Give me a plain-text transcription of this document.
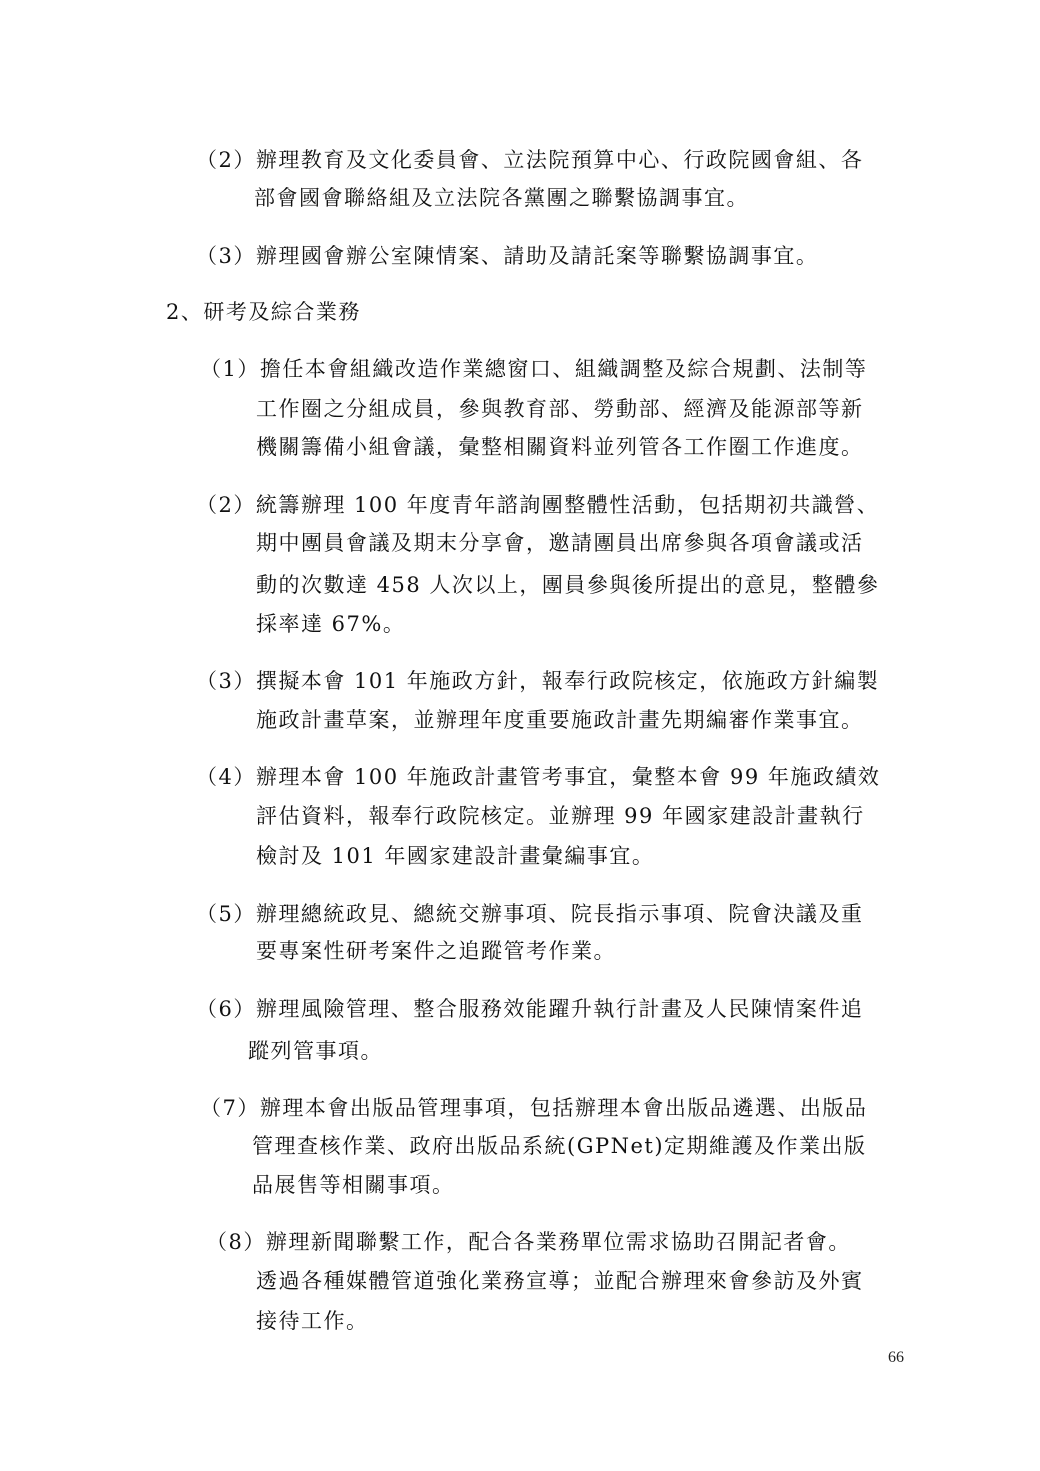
（2）辦理教育及文化委員會、立法院預算中心、行政院國會組、各
部會國會聯絡組及立法院各黨團之聯繫協調事宜。
（3）辦理國會辦公室陳情案、請助及請託案等聯繫協調事宜。
2、研考及綜合業務
（1）擔任本會組織改造作業總窗口、組織調整及綜合規劃、法制等
工作圈之分組成員，參與教育部、勞動部、經濟及能源部等新
機關籌備小組會議，彙整相關資料並列管各工作圈工作進度。
（2）統籌辦理 100 年度青年諮詢團整體性活動，包括期初共識營、
期中團員會議及期末分享會，邀請團員出席參與各項會議或活
動的次數達 458 人次以上，團員參與後所提出的意見，整體參
採率達 67%。
（3）撰擬本會 101 年施政方針，報奉行政院核定，依施政方針編製
施政計畫草案，並辦理年度重要施政計畫先期編審作業事宜。
（4）辦理本會 100 年施政計畫管考事宜，彙整本會 99 年施政績效
評估資料，報奉行政院核定。並辦理 99 年國家建設計畫執行
檢討及 101 年國家建設計畫彙編事宜。
（5）辦理總統政見、總統交辦事項、院長指示事項、院會決議及重
要專案性研考案件之追蹤管考作業。
（6）辦理風險管理、整合服務效能躍升執行計畫及人民陳情案件追
蹤列管事項。
（7）辦理本會出版品管理事項，包括辦理本會出版品遴選、出版品
管理查核作業、政府出版品系統(GPNet)定期維護及作業出版
品展售等相關事項。
（8）辦理新聞聯繫工作，配合各業務單位需求協助召開記者會。
透過各種媒體管道強化業務宣導；並配合辦理來會參訪及外賓
接待工作。
66
